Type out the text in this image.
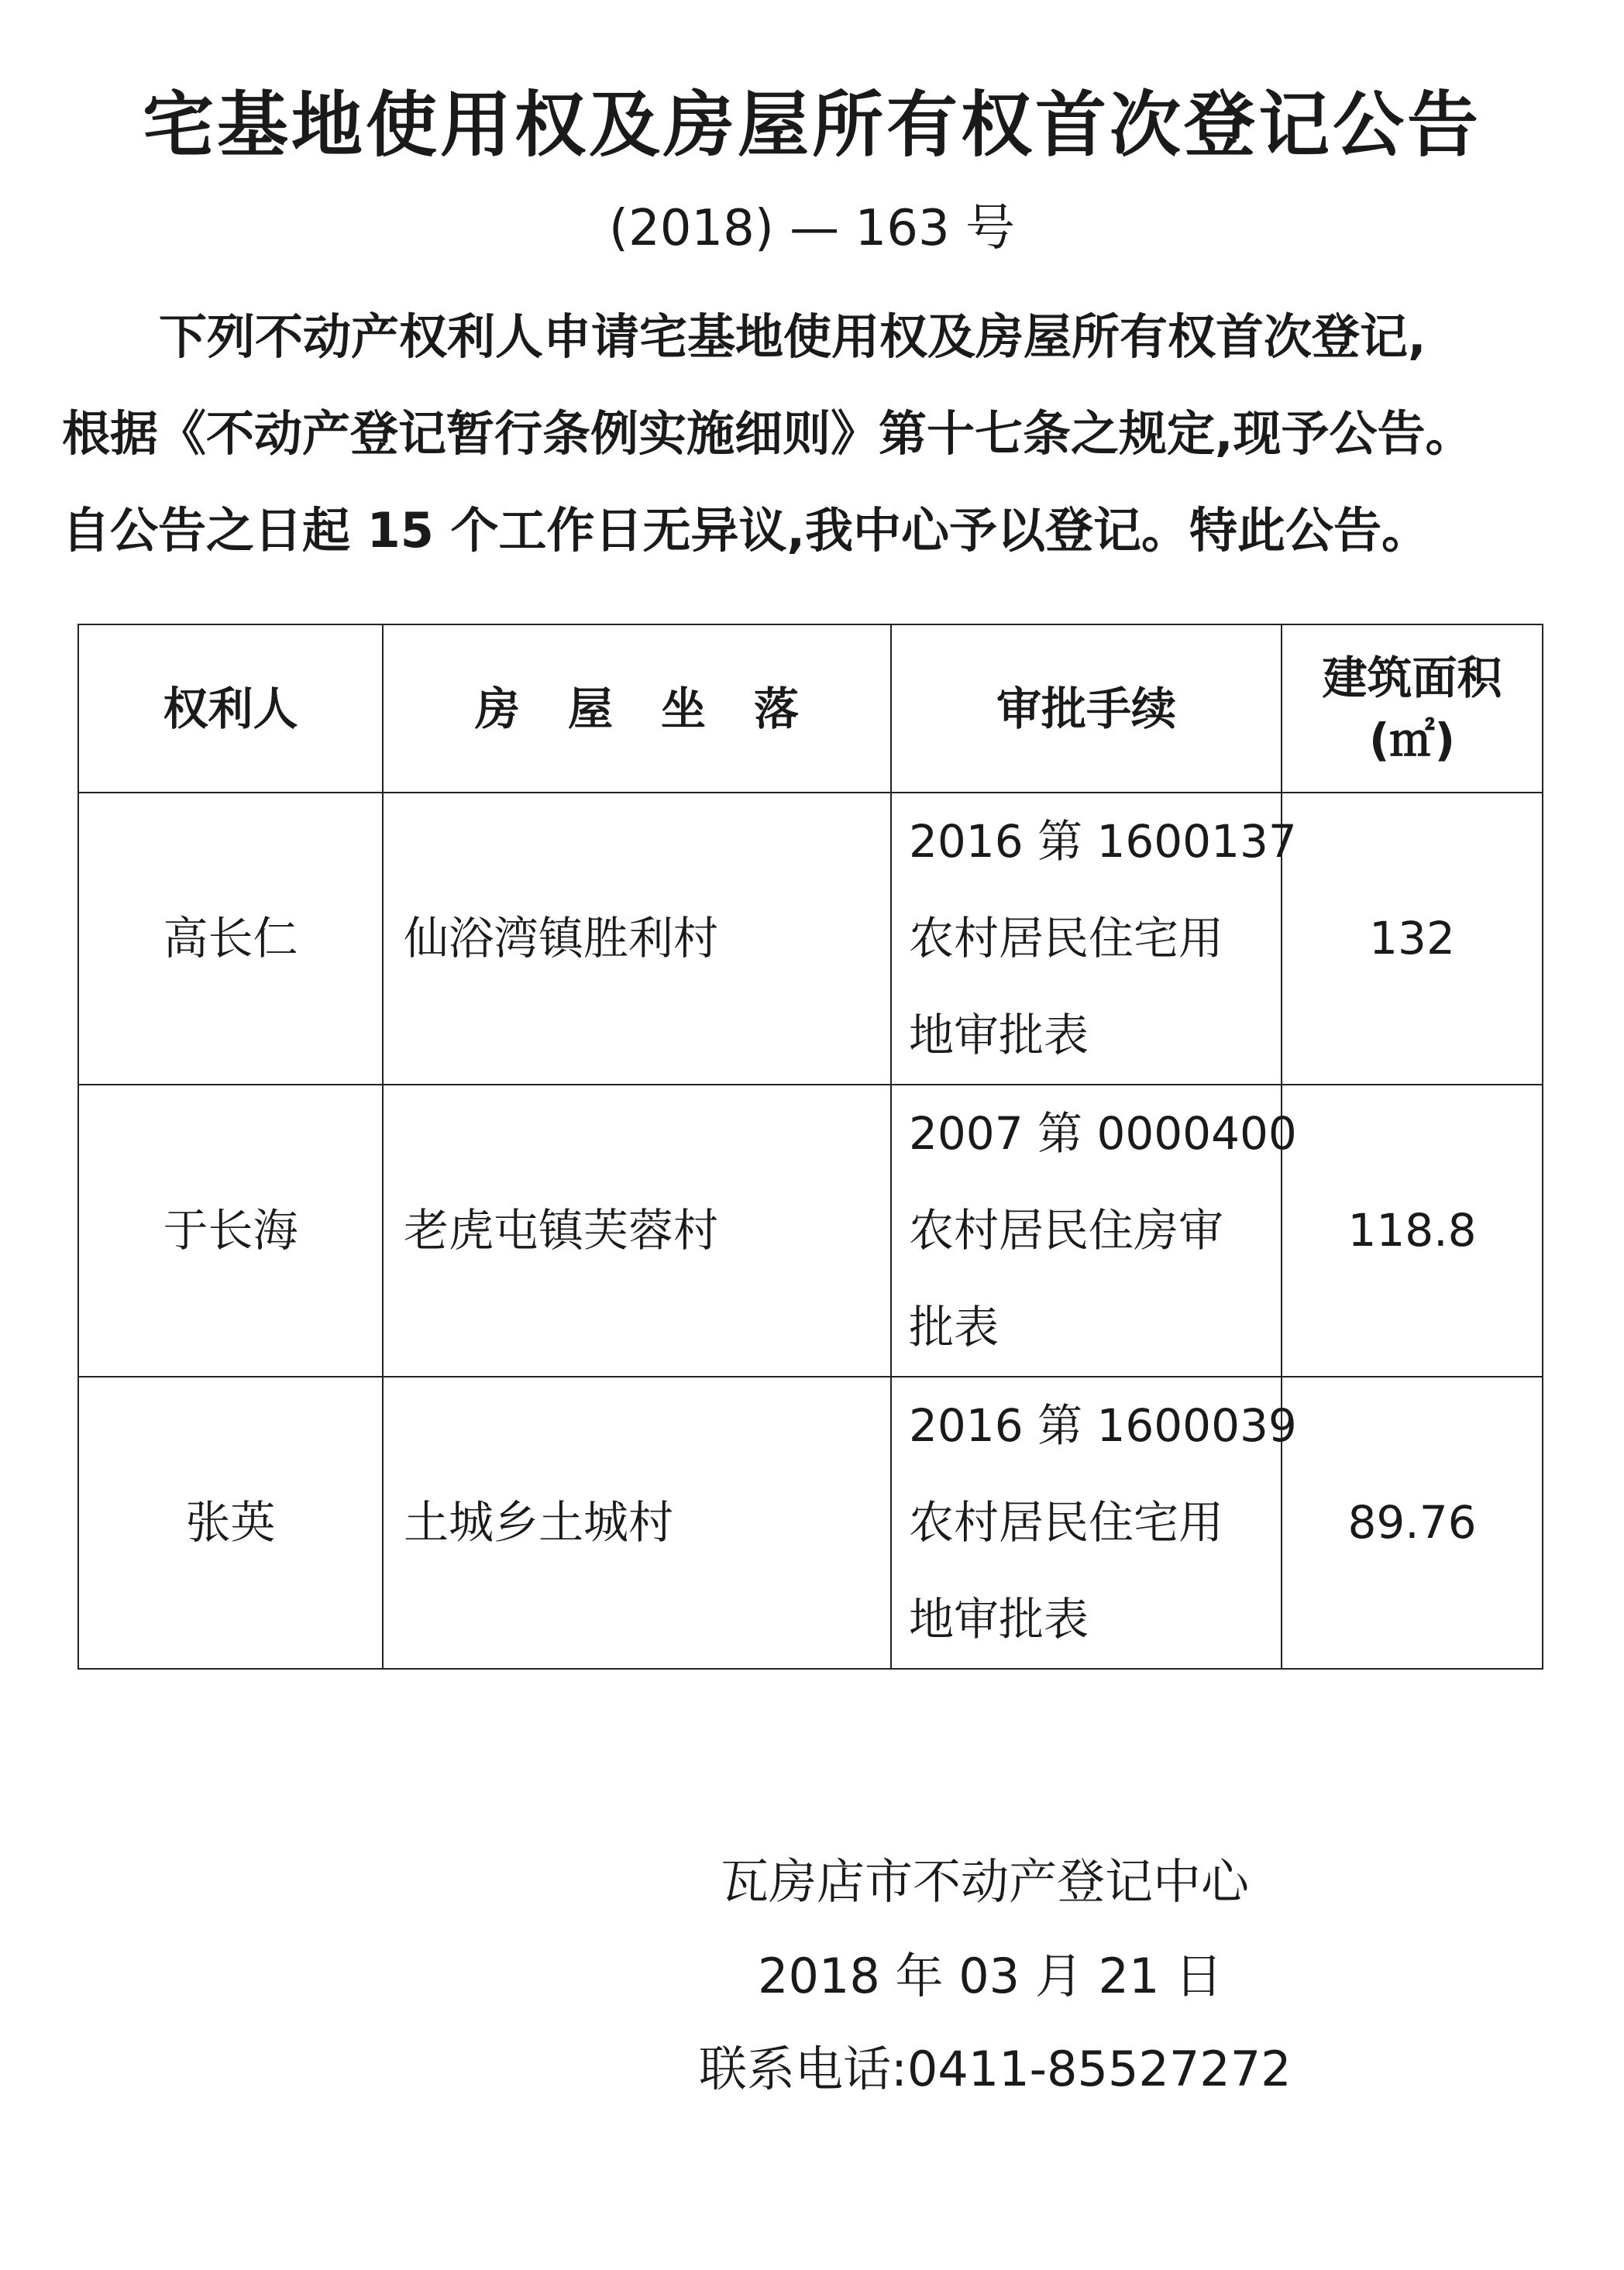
宅基地使用权及房屋所有权首次登记公告
(2018) — 163 号
下列不动产权利人申请宅基地使用权及房屋所有权首次登记,
根据《不动产登记暂行条例实施细则》第十七条之规定,现予公告。
自公告之日起 15 个工作日无异议,我中心予以登记。特此公告。
权利人	房屋坐落	审批手续	建筑面积
(㎡)

高长仁	仙浴湾镇胜利村	2016 第 1600137
农村居民住宅用
地审批表	132
于长海	老虎屯镇芙蓉村	2007 第 0000400
农村居民住房审
批表	118.8
张英	土城乡土城村	2016 第 1600039
农村居民住宅用
地审批表	89.76
瓦房店市不动产登记中心
2018 年 03 月 21 日
联系电话:0411-85527272
